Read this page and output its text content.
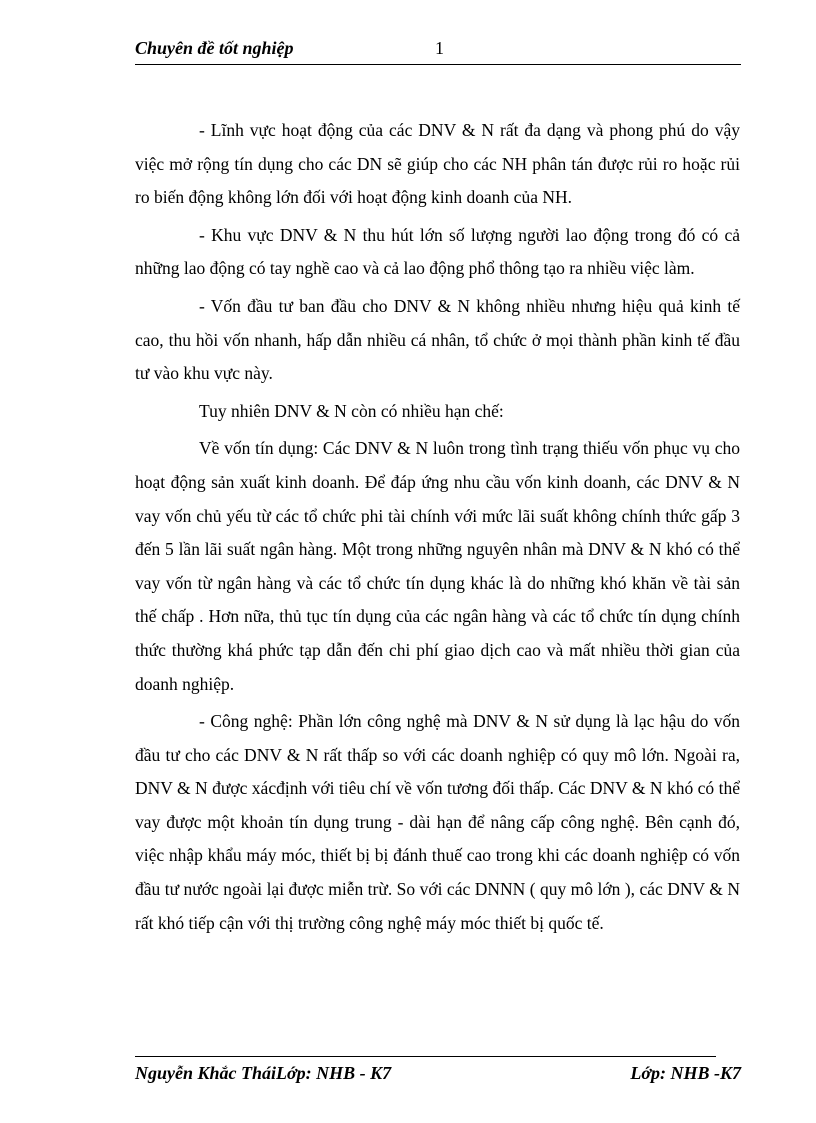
Chuyên đề tốt nghiệp	1

- Lĩnh vực hoạt động của các DNV & N rất đa dạng và phong phú do vậy việc mở rộng tín dụng cho các DN sẽ giúp cho các NH phân tán được rủi ro hoặc rủi ro biến động không lớn đối với hoạt động kinh doanh của NH.

- Khu vực DNV & N thu hút lớn số lượng người lao động trong đó có cả những lao động có tay nghề cao và cả lao động phổ thông tạo ra nhiều việc làm.

- Vốn đầu tư ban đầu cho DNV & N không nhiều nhưng hiệu quả kinh tế cao, thu hồi vốn nhanh, hấp dẫn nhiều cá nhân, tổ chức ở mọi thành phần kinh tế đầu tư vào khu vực này.

Tuy nhiên DNV & N còn có nhiều hạn chế:

Về vốn tín dụng: Các DNV & N luôn trong tình trạng thiếu vốn phục vụ cho hoạt động sản xuất kinh doanh. Để đáp ứng nhu cầu vốn kinh doanh, các DNV & N vay vốn chủ yếu từ các tổ chức phi tài chính với mức lãi suất không chính thức gấp 3 đến 5 lần lãi suất ngân hàng. Một trong những nguyên nhân mà DNV & N khó có thể vay vốn từ ngân hàng và các tổ chức tín dụng khác là do những khó khăn về tài sản thế chấp . Hơn nữa, thủ tục tín dụng của các ngân hàng và các tổ chức tín dụng chính thức thường khá phức tạp dẫn đến chi phí giao dịch cao và mất nhiều thời gian của doanh nghiệp.

- Công nghệ: Phần lớn công nghệ mà DNV & N sử dụng là lạc hậu do vốn đầu tư cho các DNV & N rất thấp so với các doanh nghiệp có quy mô lớn. Ngoài ra, DNV & N được xácđịnh với tiêu chí về vốn tương đối thấp. Các DNV & N khó có thể vay được một khoản tín dụng trung - dài hạn để nâng cấp công nghệ. Bên cạnh đó, việc nhập khẩu máy móc, thiết bị bị đánh thuế cao trong khi các doanh nghiệp có vốn đầu tư nước ngoài lại được miễn trừ. So với các DNNN ( quy mô lớn ), các DNV & N rất khó tiếp cận với thị trường công nghệ máy móc thiết bị quốc tế.

Nguyễn Khắc TháiLớp: NHB - K7	Lớp: NHB -K7
